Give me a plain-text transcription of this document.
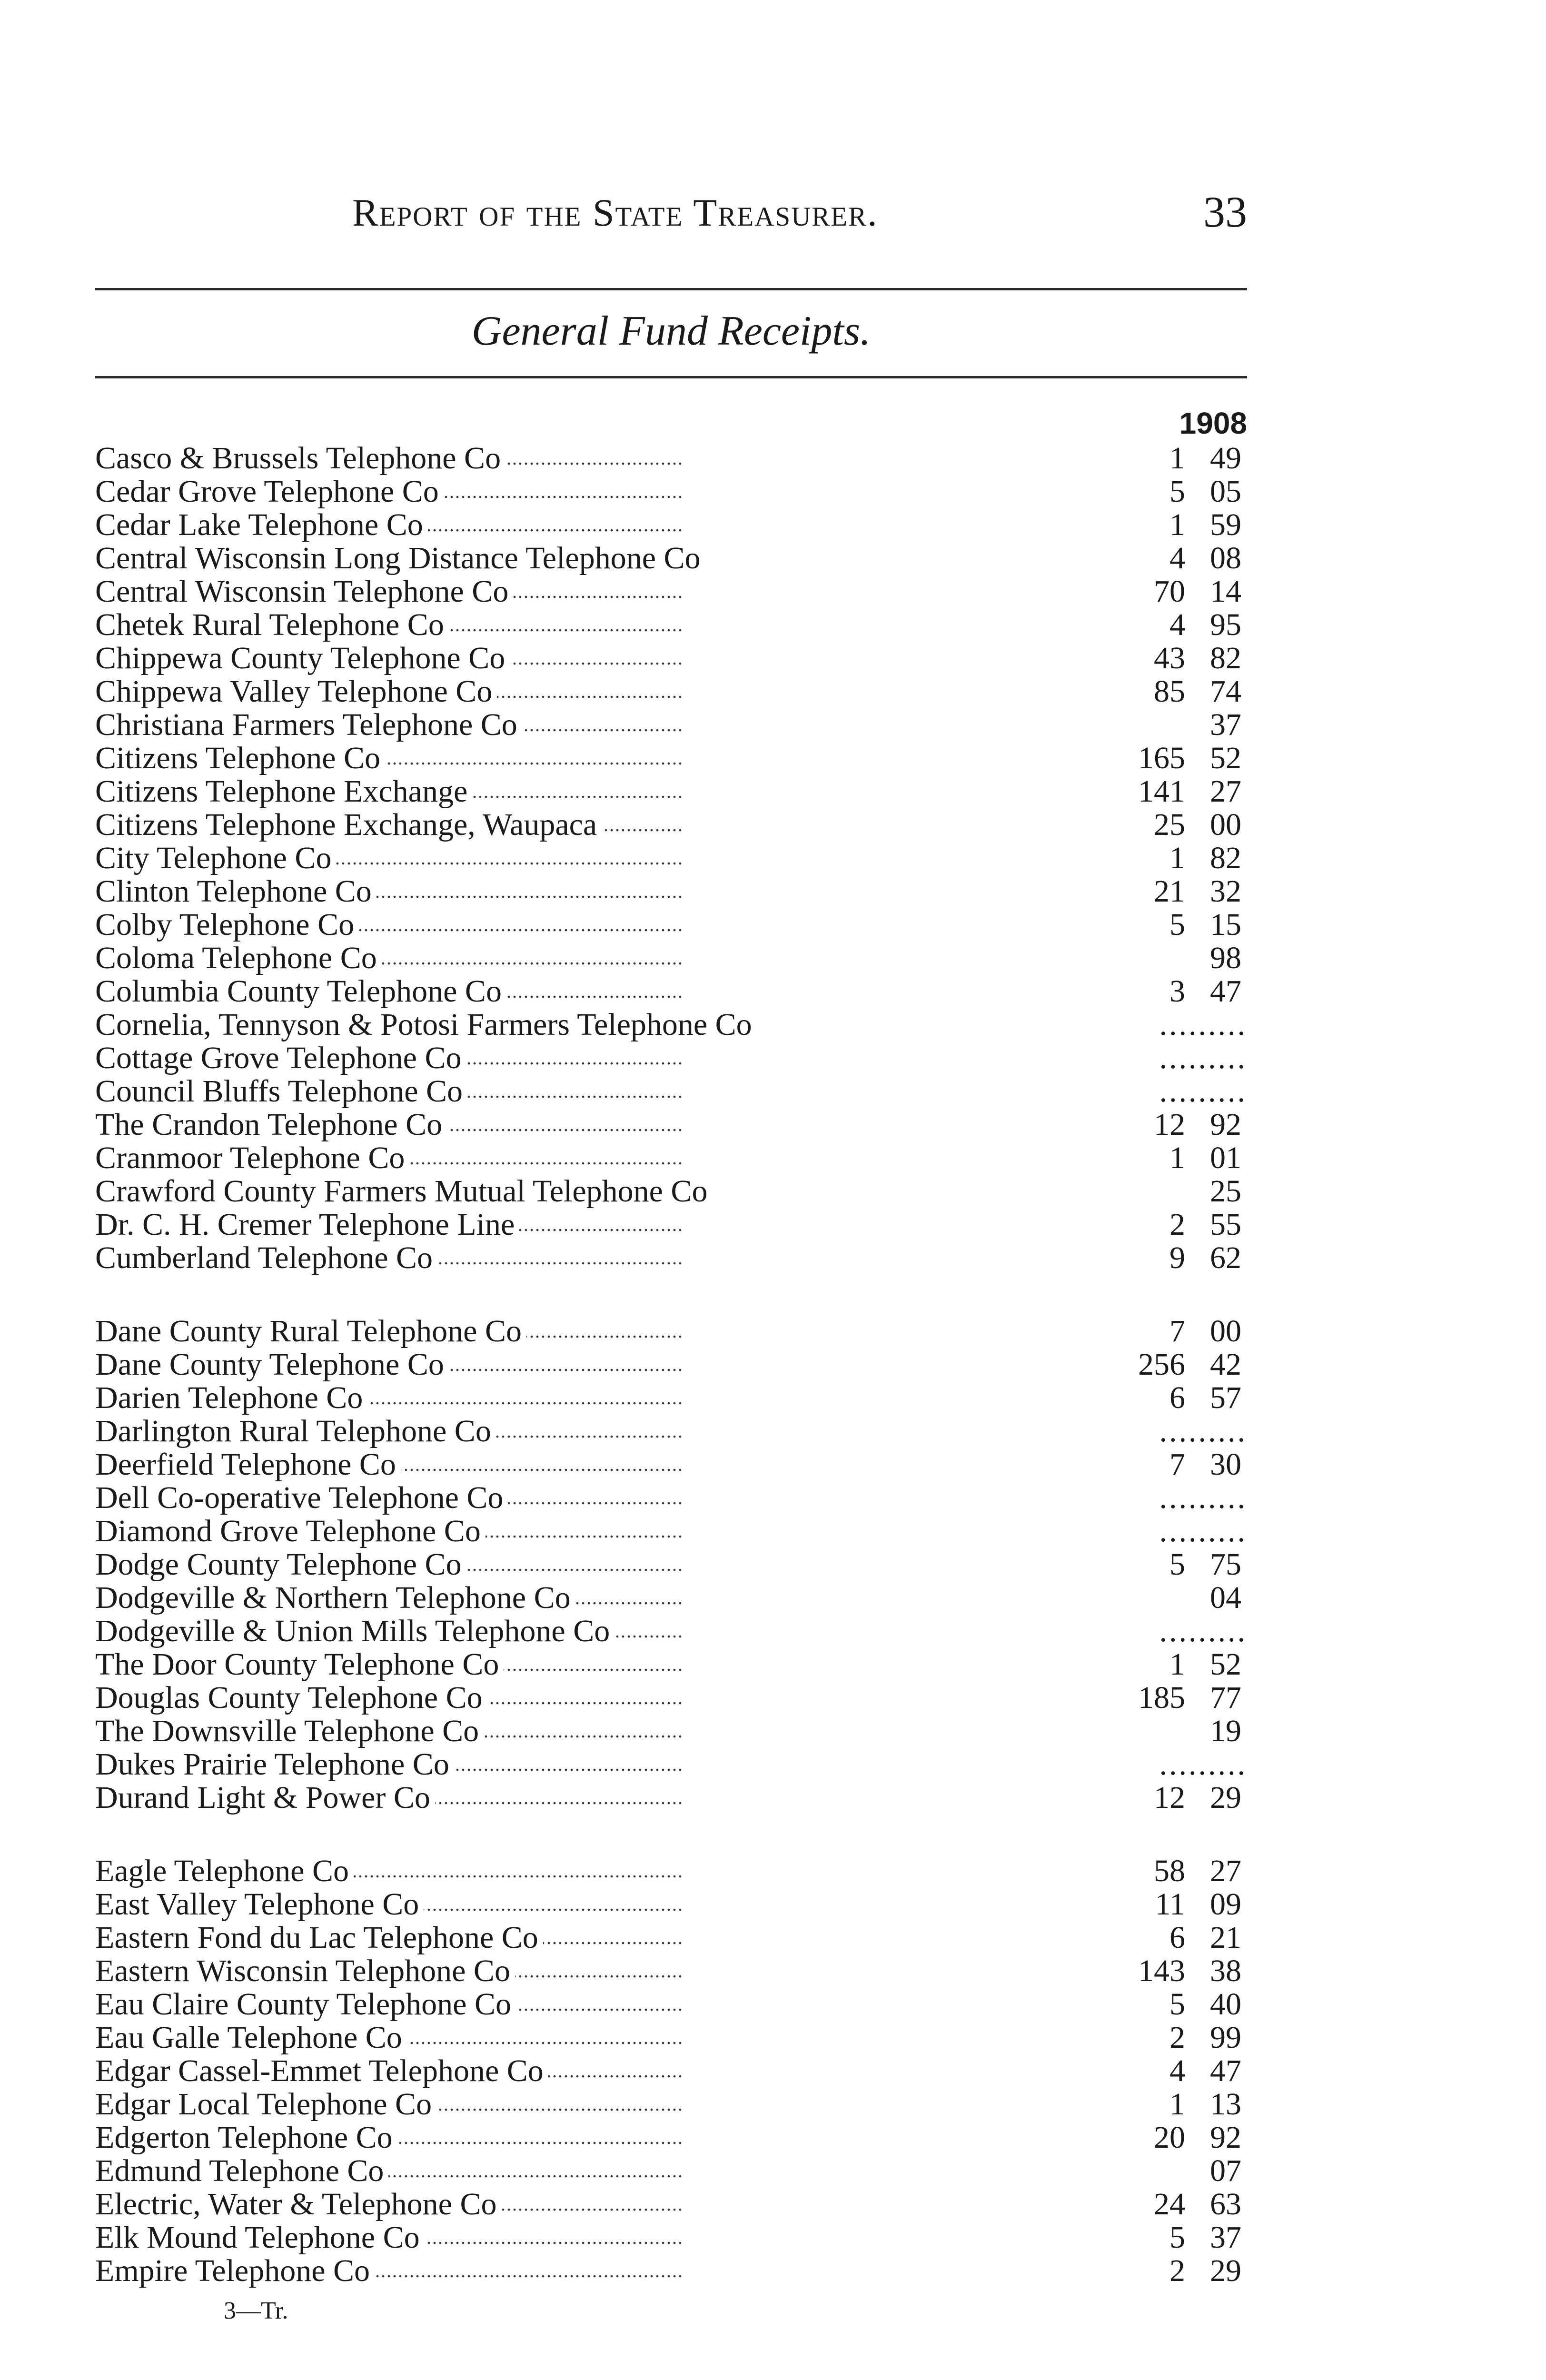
Report of the State Treasurer.	33
General Fund Receipts.
1908
Casco & Brussels Telephone Co . . .	1 49
Cedar Grove Telephone Co . . .	5 05
Cedar Lake Telephone Co . . .	1 59
Central Wisconsin Long Distance Telephone Co . . .	4 08
Central Wisconsin Telephone Co . . .	70 14
Chetek Rural Telephone Co . . .	4 95
Chippewa County Telephone Co . . .	43 82
Chippewa Valley Telephone Co . . .	85 74
Christiana Farmers Telephone Co . . .	37
Citizens Telephone Co . . .	165 52
Citizens Telephone Exchange . . .	141 27
Citizens Telephone Exchange, Waupaca . . .	25 00
City Telephone Co . . .	1 82
Clinton Telephone Co . . .	21 32
Colby Telephone Co . . .	5 15
Coloma Telephone Co . . .	98
Columbia County Telephone Co . . .	3 47
Cornelia, Tennyson & Potosi Farmers Telephone Co . . .	.........
Cottage Grove Telephone Co . . .	.........
Council Bluffs Telephone Co . . .	.........
The Crandon Telephone Co . . .	12 92
Cranmoor Telephone Co . . .	1 01
Crawford County Farmers Mutual Telephone Co . . .	25
Dr. C. H. Cremer Telephone Line . . .	2 55
Cumberland Telephone Co . . .	9 62
Dane County Rural Telephone Co . . .	7 00
Dane County Telephone Co . . .	256 42
Darien Telephone Co . . .	6 57
Darlington Rural Telephone Co . . .	.........
Deerfield Telephone Co . . .	7 30
Dell Co-operative Telephone Co . . .	.........
Diamond Grove Telephone Co . . .	.........
Dodge County Telephone Co . . .	5 75
Dodgeville & Northern Telephone Co . . .	04
Dodgeville & Union Mills Telephone Co . . .	.........
The Door County Telephone Co . . .	1 52
Douglas County Telephone Co . . .	185 77
The Downsville Telephone Co . . .	19
Dukes Prairie Telephone Co . . .	.........
Durand Light & Power Co . . .	12 29
Eagle Telephone Co . . .	58 27
East Valley Telephone Co . . .	11 09
Eastern Fond du Lac Telephone Co . . .	6 21
Eastern Wisconsin Telephone Co . . .	143 38
Eau Claire County Telephone Co . . .	5 40
Eau Galle Telephone Co . . .	2 99
Edgar Cassel-Emmet Telephone Co . . .	4 47
Edgar Local Telephone Co . . .	1 13
Edgerton Telephone Co . . .	20 92
Edmund Telephone Co . . .	07
Electric, Water & Telephone Co . . .	24 63
Elk Mound Telephone Co . . .	5 37
Empire Telephone Co . . .	2 29
3—Tr.
